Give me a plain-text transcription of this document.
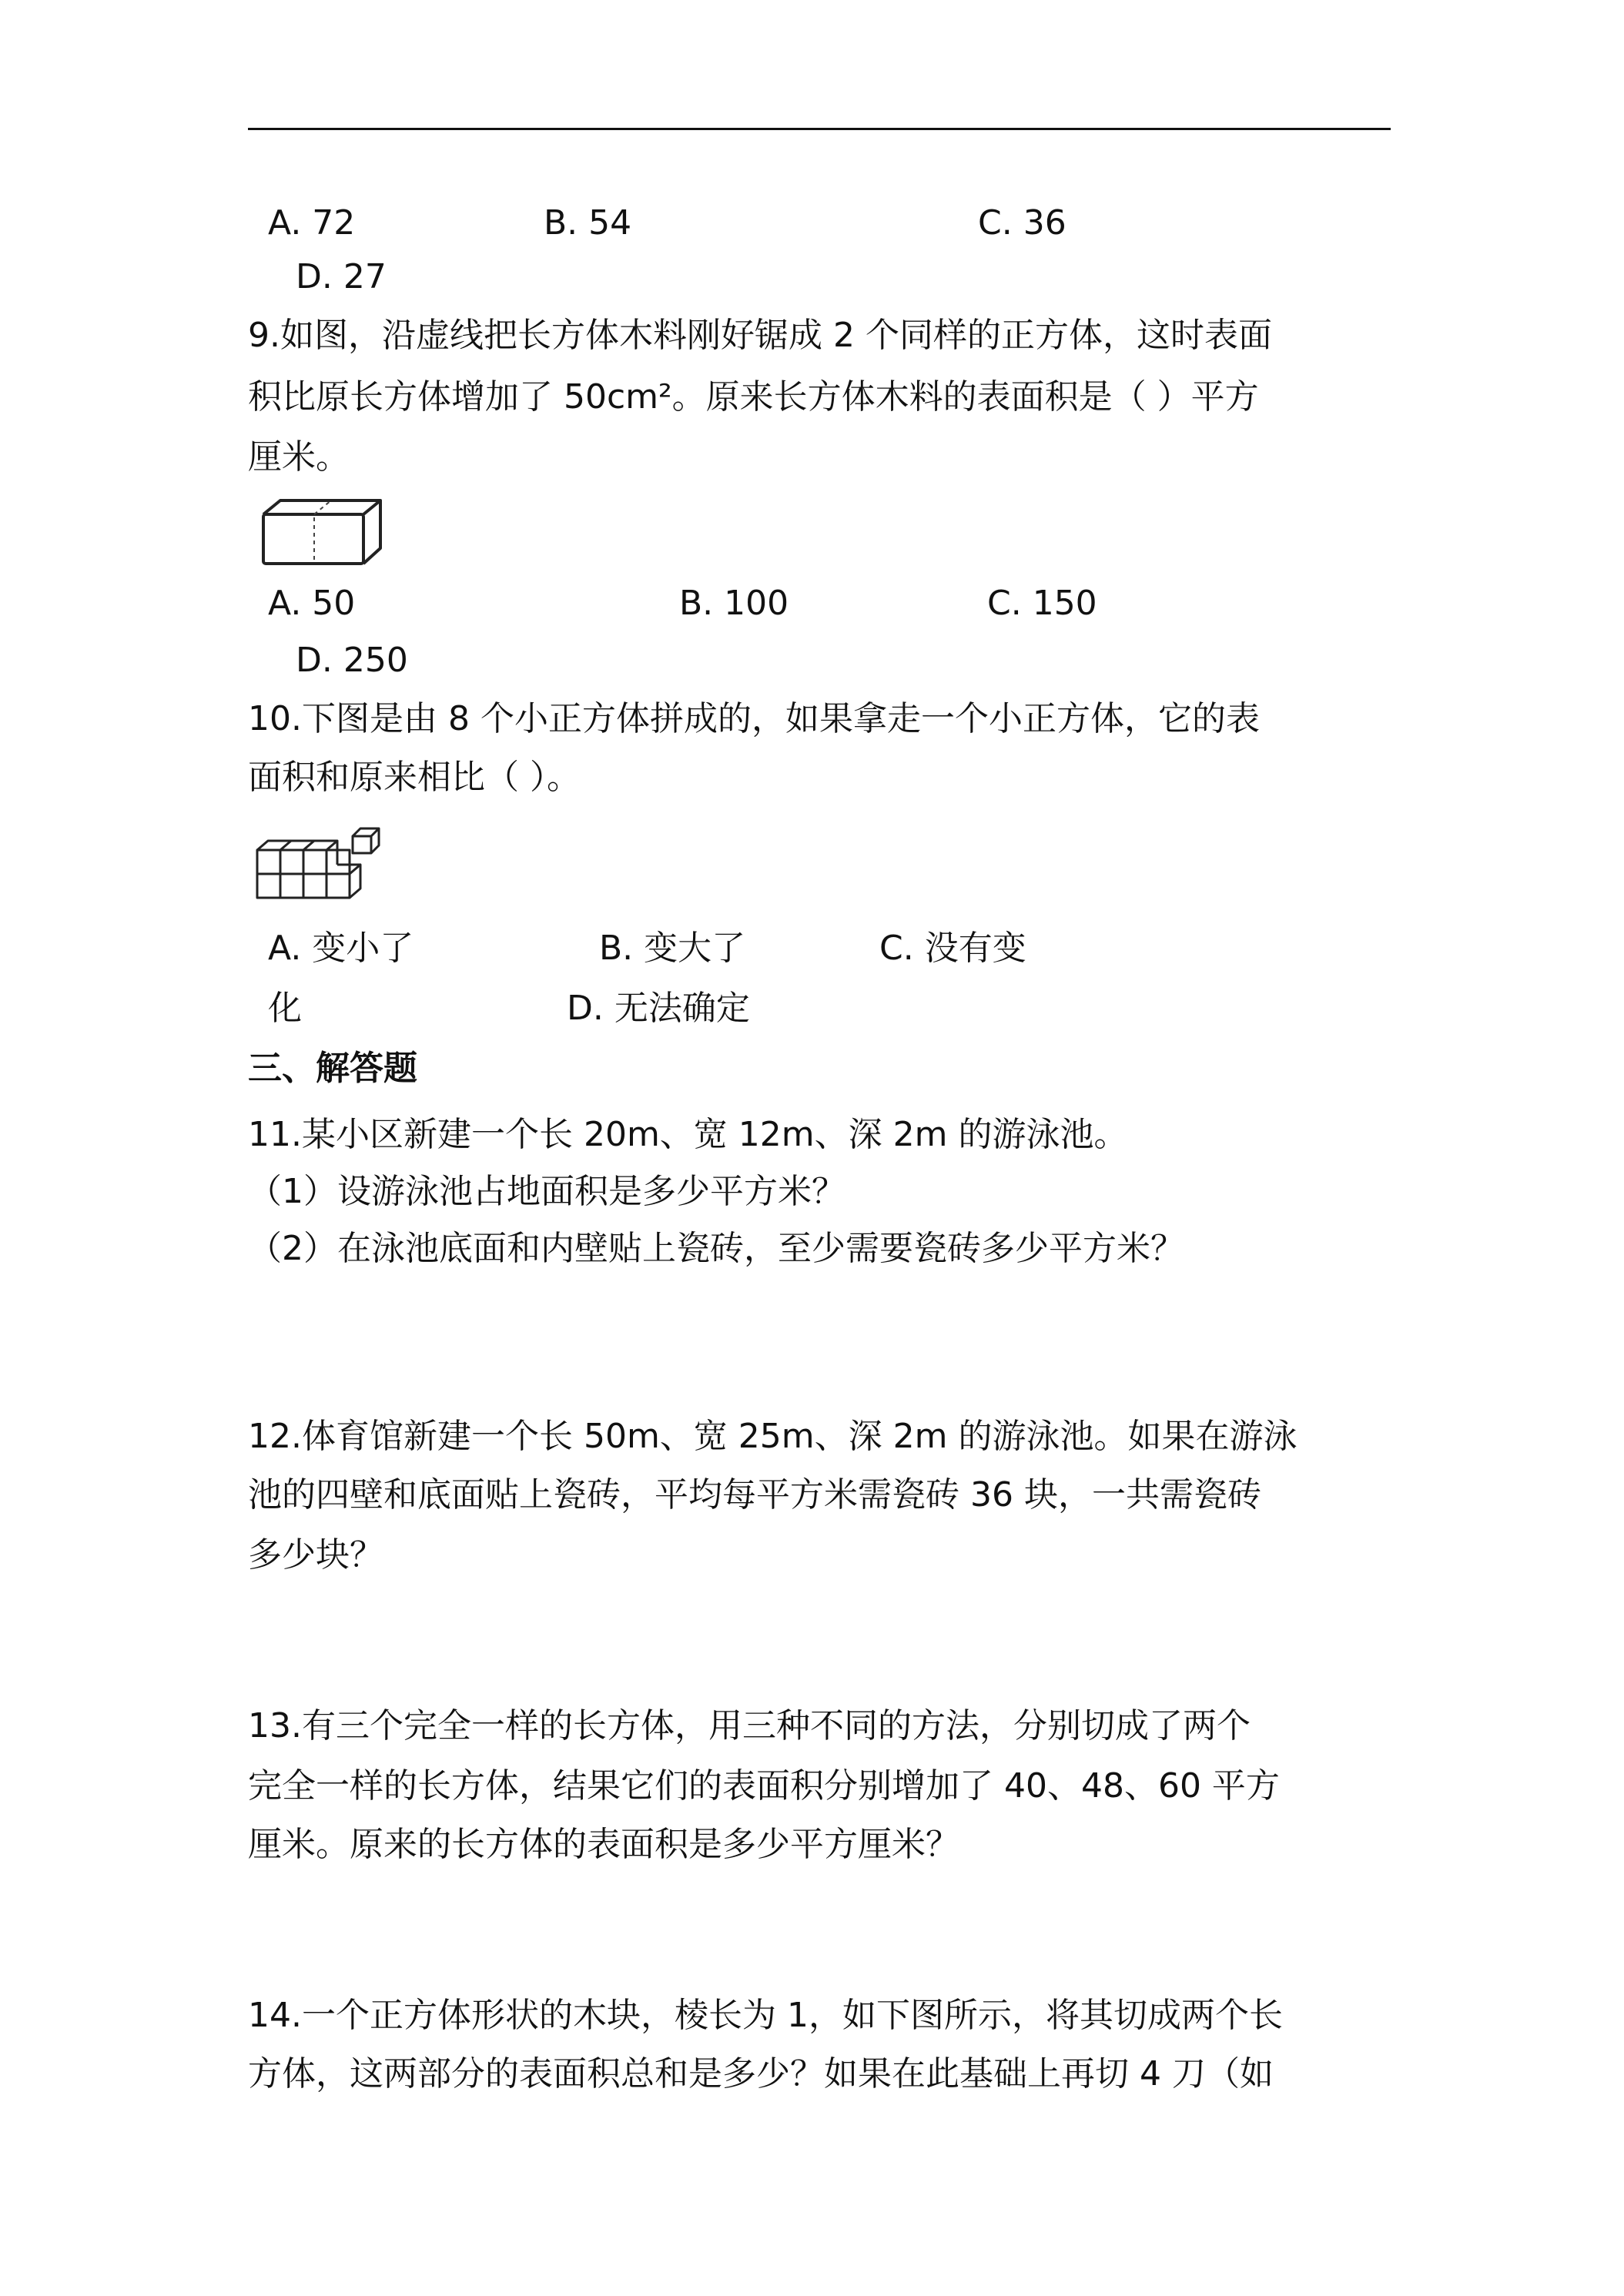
A. 72	B. 54	C. 36
D. 27
9.如图，沿虚线把长方体木料刚好锯成 2 个同样的正方体，这时表面
积比原长方体增加了 50cm²。原来长方体木料的表面积是（ ）平方
厘米。
A. 50	B. 100	C. 150
D. 250
10.下图是由 8 个小正方体拼成的，如果拿走一个小正方体，它的表
面积和原来相比（ ）。
A. 变小了	B. 变大了	C. 没有变
化	D. 无法确定
三、解答题
11.某小区新建一个长 20m、宽 12m、深 2m 的游泳池。
（1）设游泳池占地面积是多少平方米？
（2）在泳池底面和内壁贴上瓷砖，至少需要瓷砖多少平方米？
12.体育馆新建一个长 50m、宽 25m、深 2m 的游泳池。如果在游泳
池的四壁和底面贴上瓷砖，平均每平方米需瓷砖 36 块，一共需瓷砖
多少块？
13.有三个完全一样的长方体，用三种不同的方法，分别切成了两个
完全一样的长方体，结果它们的表面积分别增加了 40、48、60 平方
厘米。原来的长方体的表面积是多少平方厘米？
14.一个正方体形状的木块，棱长为 1，如下图所示，将其切成两个长
方体，这两部分的表面积总和是多少？如果在此基础上再切 4 刀（如
